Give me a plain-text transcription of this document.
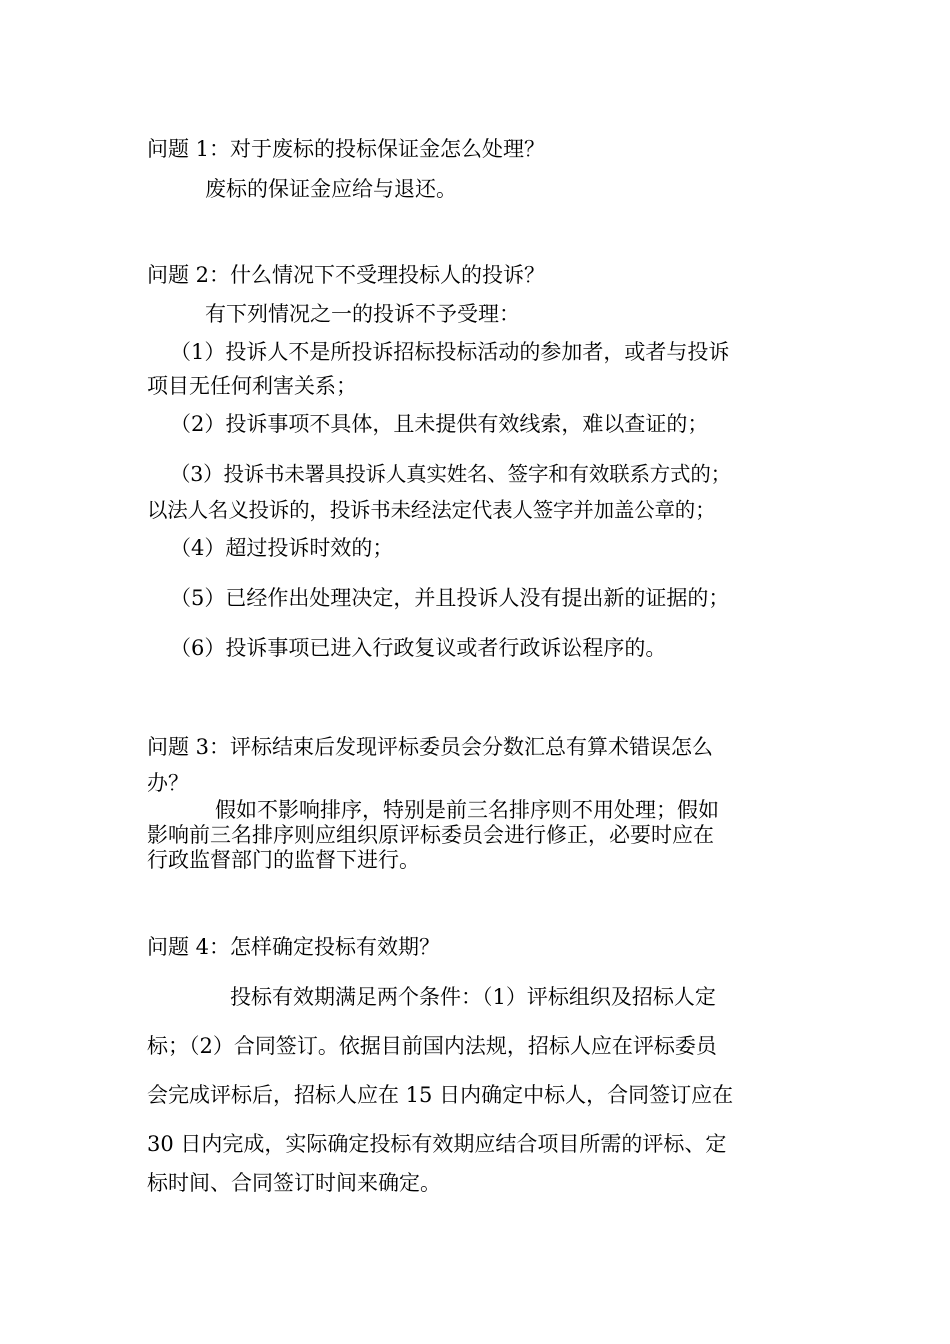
问题 1：对于废标的投标保证金怎么处理？
废标的保证金应给与退还。
问题 2：什么情况下不受理投标人的投诉？
有下列情况之一的投诉不予受理：
（1）投诉人不是所投诉招标投标活动的参加者，或者与投诉
项目无任何利害关系；
（2）投诉事项不具体，且未提供有效线索，难以查证的；
（3）投诉书未署具投诉人真实姓名、签字和有效联系方式的；
以法人名义投诉的，投诉书未经法定代表人签字并加盖公章的；
（4）超过投诉时效的；
（5）已经作出处理决定，并且投诉人没有提出新的证据的；
（6）投诉事项已进入行政复议或者行政诉讼程序的。
问题 3：评标结束后发现评标委员会分数汇总有算术错误怎么
办？
假如不影响排序，特别是前三名排序则不用处理；假如
影响前三名排序则应组织原评标委员会进行修正，必要时应在
行政监督部门的监督下进行。
问题 4：怎样确定投标有效期？
投标有效期满足两个条件：（1）评标组织及招标人定
标；（2）合同签订。依据目前国内法规，招标人应在评标委员
会完成评标后，招标人应在 15 日内确定中标人，合同签订应在
30 日内完成，实际确定投标有效期应结合项目所需的评标、定
标时间、合同签订时间来确定。
